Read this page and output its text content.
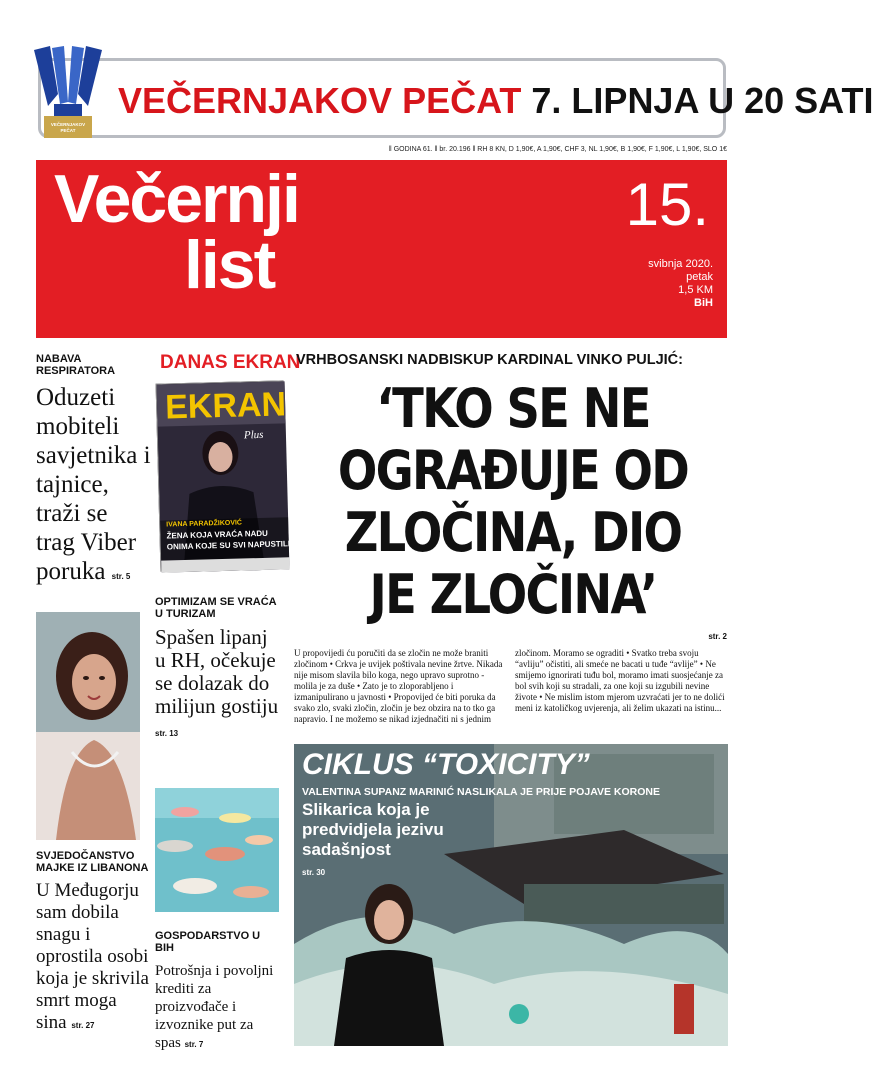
VEČERNJAKOV
PEČAT
VEČERNJAKOV PEČAT 7. LIPNJA U 20 SATI
‖ GODINA 61. ‖ br. 20.196 ‖ RH 8 KN, D 1,90€, A 1,90€, CHF 3, NL 1,90€, B 1,90€, F 1,90€, L 1,90€, SLO 1€
Večernji
list
15.
svibnja 2020.
petak
1,5 KM
BiH
NABAVA RESPIRATORA
Oduzeti mobiteli savjetnika i tajnice, traži se trag Viber poruka str. 5
SVJEDOČANSTVO MAJKE IZ LIBANONA
U Međugorju sam dobila snagu i oprostila osobi koja je skrivila smrt moga sina str. 27
DANAS EKRAN
EKRAN
Plus
IVANA PARADŽIKOVIĆ
ŽENA KOJA VRAĆA NADU
ONIMA KOJE SU SVI NAPUSTILI
OPTIMIZAM SE VRAĆA U TURIZAM
Spašen lipanj u RH, očekuje se dolazak do milijun gostiju str. 13
GOSPODARSTVO U BIH
Potrošnja i povoljni krediti za proizvođače i izvoznike put za spas str. 7
VRHBOSANSKI NADBISKUP KARDINAL VINKO PULJIĆ:
‘TKO SE NE OGRAĐUJE OD ZLOČINA, DIO JE ZLOČINA’
str. 2
U propovijedi ću poručiti da se zločin ne može braniti zločinom • Crkva je uvijek poštivala nevine žrtve. Nikada nije misom slavila bilo koga, nego upravo suprotno - molila je za duše • Zato je to zloporabljeno i izmanipulirano u javnosti • Propovijed će biti poruka da svako zlo, svaki zločin, zločin je bez obzira na to tko ga napravio. I ne možemo se nikad izjednačiti ni s jednim zločinom. Moramo se ograditi • Svatko treba svoju “avliju” očistiti, ali smeće ne bacati u tuđe “avlije” • Ne smijemo ignorirati tuđu bol, moramo imati suosjećanje za bol svih koji su stradali, za one koji su izgubili nevine živote • Ne mislim istom mjerom uzvraćati jer to ne dolići meni iz katoličkog uvjerenja, ali želim ukazati na istinu...
CIKLUS “TOXICITY”
VALENTINA SUPANZ MARINIĆ NASLIKALA JE PRIJE POJAVE KORONE
Slikarica koja je predvidjela jezivu sadašnjost
str. 30
